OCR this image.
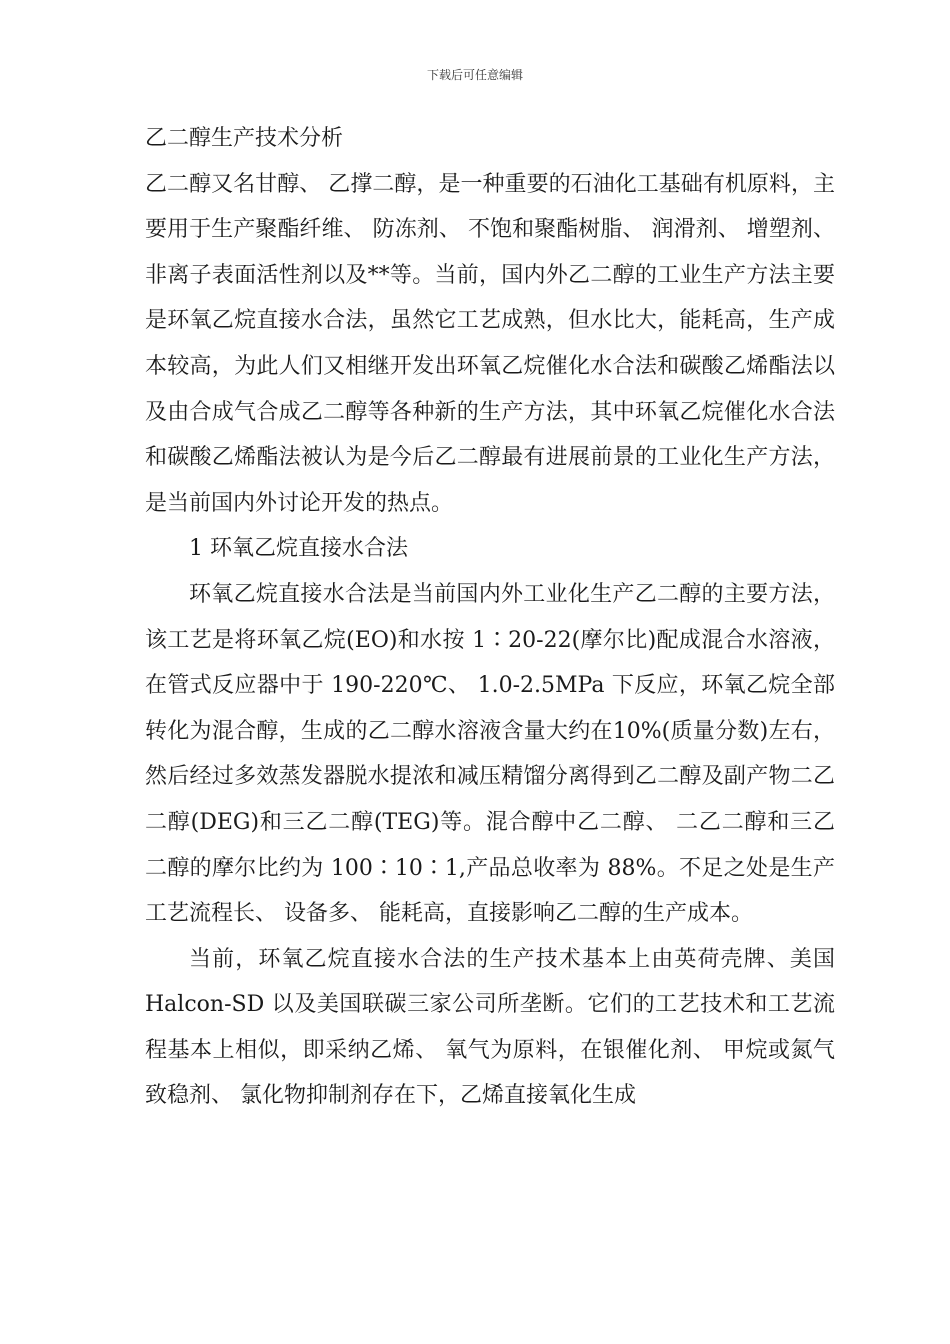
下载后可任意编辑

乙二醇生产技术分析

乙二醇又名甘醇、 乙撑二醇，是一种重要的石油化工基础有机原料，主要用于生产聚酯纤维、 防冻剂、 不饱和聚酯树脂、 润滑剂、 增塑剂、 非离子表面活性剂以及**等。当前，国内外乙二醇的工业生产方法主要是环氧乙烷直接水合法，虽然它工艺成熟，但水比大，能耗高，生产成本较高，为此人们又相继开发出环氧乙烷催化水合法和碳酸乙烯酯法以及由合成气合成乙二醇等各种新的生产方法，其中环氧乙烷催化水合法和碳酸乙烯酯法被认为是今后乙二醇最有进展前景的工业化生产方法，是当前国内外讨论开发的热点。

1 环氧乙烷直接水合法

环氧乙烷直接水合法是当前国内外工业化生产乙二醇的主要方法，该工艺是将环氧乙烷(EO)和水按 1∶20-22(摩尔比)配成混合水溶液，在管式反应器中于 190-220℃、 1.0-2.5MPa 下反应，环氧乙烷全部转化为混合醇，生成的乙二醇水溶液含量大约在10%(质量分数)左右，然后经过多效蒸发器脱水提浓和减压精馏分离得到乙二醇及副产物二乙二醇(DEG)和三乙二醇(TEG)等。混合醇中乙二醇、 二乙二醇和三乙二醇的摩尔比约为 100∶10∶1,产品总收率为 88%。不足之处是生产工艺流程长、 设备多、 能耗高，直接影响乙二醇的生产成本。

当前，环氧乙烷直接水合法的生产技术基本上由英荷壳牌、美国 Halcon-SD 以及美国联碳三家公司所垄断。它们的工艺技术和工艺流程基本上相似，即采纳乙烯、 氧气为原料，在银催化剂、 甲烷或氮气致稳剂、 氯化物抑制剂存在下，乙烯直接氧化生成
